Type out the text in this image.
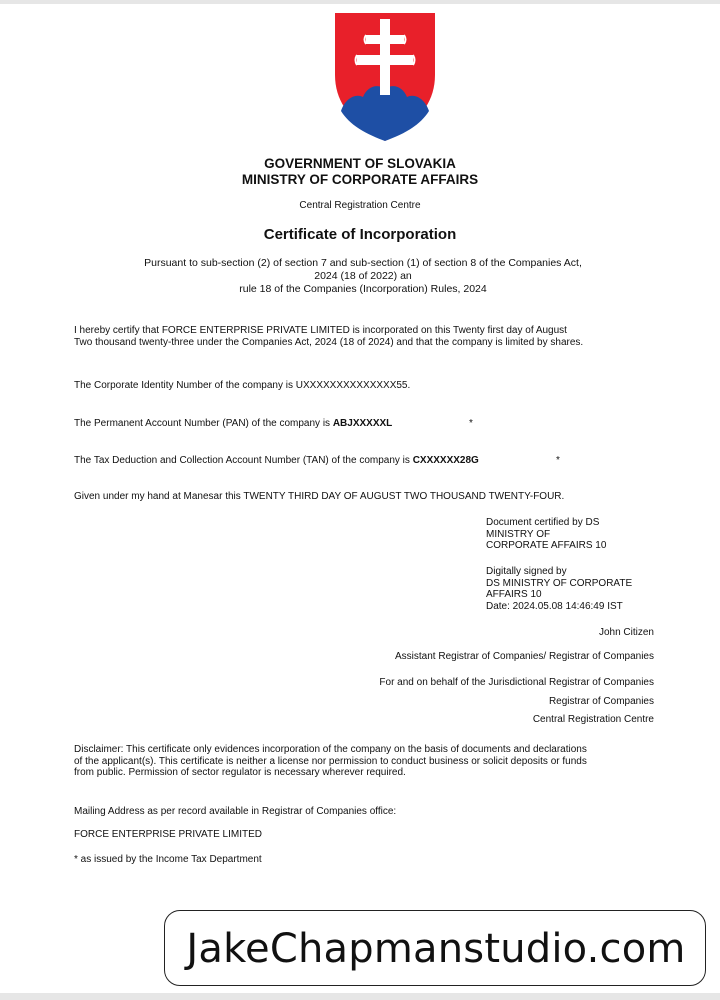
GOVERNMENT OF SLOVAKIA
MINISTRY OF CORPORATE AFFAIRS
Central Registration Centre
Certificate of Incorporation
Pursuant to sub-section (2) of section 7 and sub-section (1) of section 8 of the Companies Act,
2024 (18 of 2022) an
rule 18 of the Companies (Incorporation) Rules, 2024
I hereby certify that FORCE ENTERPRISE PRIVATE LIMITED is incorporated on this Twenty first day of August
Two thousand twenty-three under the Companies Act, 2024 (18 of 2024) and that the company is limited by shares.
The Corporate Identity Number of the company is UXXXXXXXXXXXXXX55.
The Permanent Account Number (PAN) of the company is ABJXXXXXL	*
The Tax Deduction and Collection Account Number (TAN) of the company is CXXXXXX28G	*
Given under my hand at Manesar this TWENTY THIRD DAY OF AUGUST TWO THOUSAND TWENTY-FOUR.
Document certified by DS
MINISTRY OF
CORPORATE AFFAIRS 10
Digitally signed by
DS MINISTRY OF CORPORATE
AFFAIRS 10
Date: 2024.05.08 14:46:49 IST
John Citizen
Assistant Registrar of Companies/ Registrar of Companies
For and on behalf of the Jurisdictional Registrar of Companies
Registrar of Companies
Central Registration Centre
Disclaimer: This certificate only evidences incorporation of the company on the basis of documents and declarations
of the applicant(s). This certificate is neither a license nor permission to conduct business or solicit deposits or funds
from public. Permission of sector regulator is necessary wherever required.
Mailing Address as per record available in Registrar of Companies office:
FORCE ENTERPRISE PRIVATE LIMITED
* as issued by the Income Tax Department
JakeChapmanstudio.com
